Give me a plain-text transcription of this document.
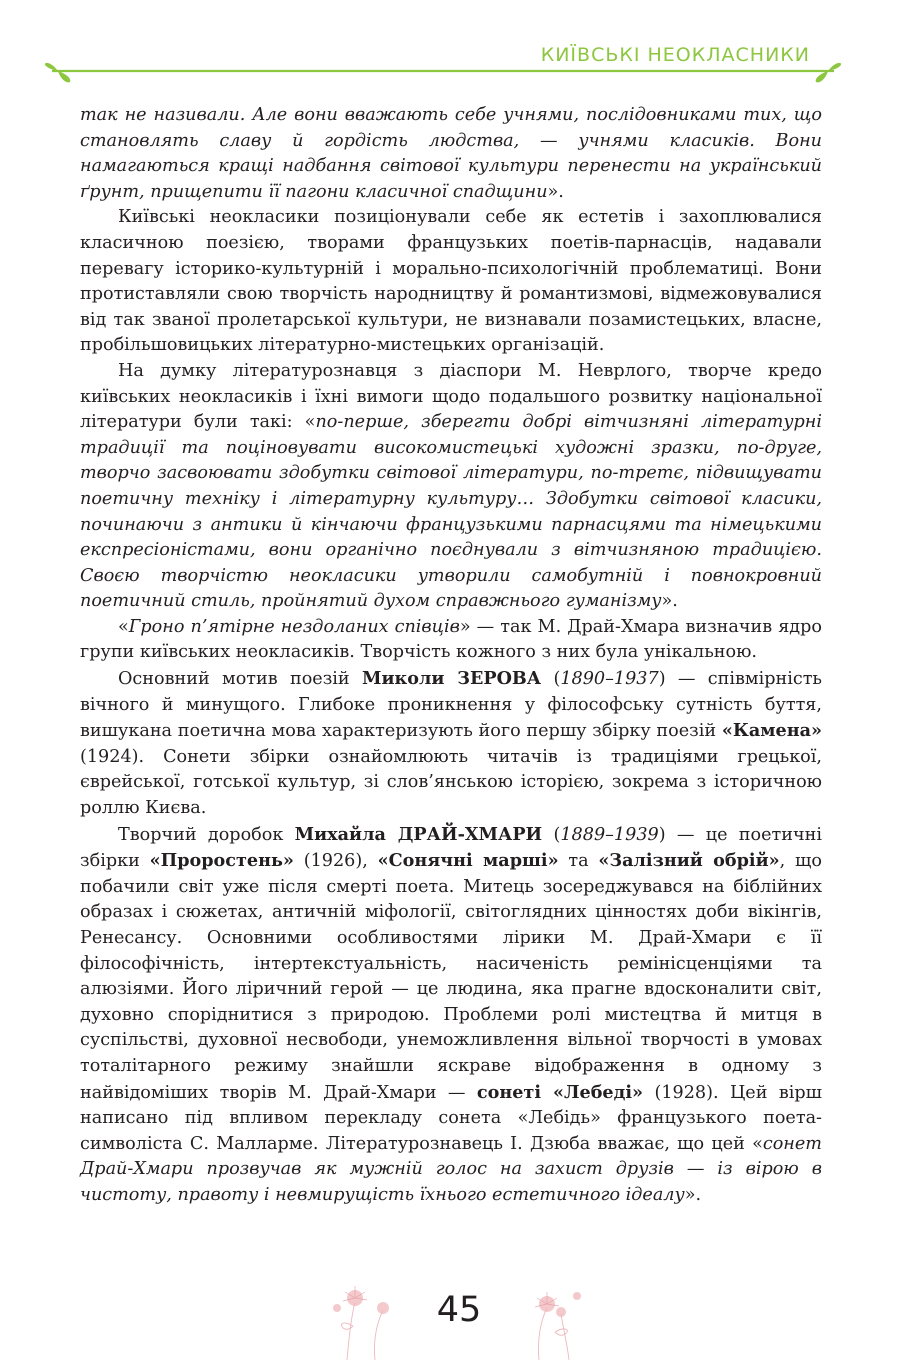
КИЇВСЬКІ НЕОКЛАСНИКИ

так не називали. Але вони вважають себе учнями, послідовниками тих, що становлять славу й гордість людства, — учнями класиків. Вони намагаються кращі надбання світової культури перенести на український ґрунт, прищепити її пагони класичної спадщини».

Київські неокласики позиціонували себе як естетів і захоплювалися класичною поезією, творами французьких поетів-парнасців, надавали перевагу історико-культурній і морально-психологічній проблематиці. Вони протиставляли свою творчість народництву й романтизмові, відмежовувалися від так званої пролетарської культури, не визнавали позамистецьких, власне, пробільшовицьких літературно-мистецьких організацій.

На думку літературознавця з діаспори М. Неврлого, творче кредо київських неокласиків і їхні вимоги щодо подальшого розвитку національної літератури були такі: «по-перше, зберегти добрі вітчизняні літературні традиції та поціновувати високомистецькі художні зразки, по-друге, творчо засвоювати здобутки світової літератури, по-третє, підвищувати поетичну техніку і літературну культуру… Здобутки світової класики, починаючи з антики й кінчаючи французькими парнасцями та німецькими експресіоністами, вони органічно поєднували з вітчизняною традицією. Своєю творчістю неокласики утворили самобутній і повнокровний поетичний стиль, пройнятий духом справжнього гуманізму».

«Гроно п’ятірне нездоланих співців» — так М. Драй-Хмара визначив ядро групи київських неокласиків. Творчість кожного з них була унікальною.

Основний мотив поезій Миколи ЗЕРОВА (1890–1937) — співмірність вічного й минущого. Глибоке проникнення у філософську сутність буття, вишукана поетична мова характеризують його першу збірку поезій «Камена» (1924). Сонети збірки ознайомлюють читачів із традиціями грецької, єврейської, готської культур, зі слов’янською історією, зокрема з історичною роллю Києва.

Творчий доробок Михайла ДРАЙ-ХМАРИ (1889–1939) — це поетичні збірки «Проростень» (1926), «Сонячні марші» та «Залізний обрій», що побачили світ уже після смерті поета. Митець зосереджувався на біблійних образах і сюжетах, античній міфології, світоглядних цінностях доби вікінгів, Ренесансу. Основними особливостями лірики М. Драй-Хмари є її філософічність, інтертекстуальність, насиченість ремінісценціями та алюзіями. Його ліричний герой — це людина, яка прагне вдосконалити світ, духовно споріднитися з природою. Проблеми ролі мистецтва й митця в суспільстві, духовної несвободи, унеможливлення вільної творчості в умовах тоталітарного режиму знайшли яскраве відображення в одному з найвідоміших творів М. Драй-Хмари — сонеті «Лебеді» (1928). Цей вірш написано під впливом перекладу сонета «Лебідь» французького поета-символіста С. Малларме. Літературознавець І. Дзюба вважає, що цей «сонет Драй-Хмари прозвучав як мужній голос на захист друзів — із вірою в чистоту, правоту і невмирущість їхнього естетичного ідеалу».

45
